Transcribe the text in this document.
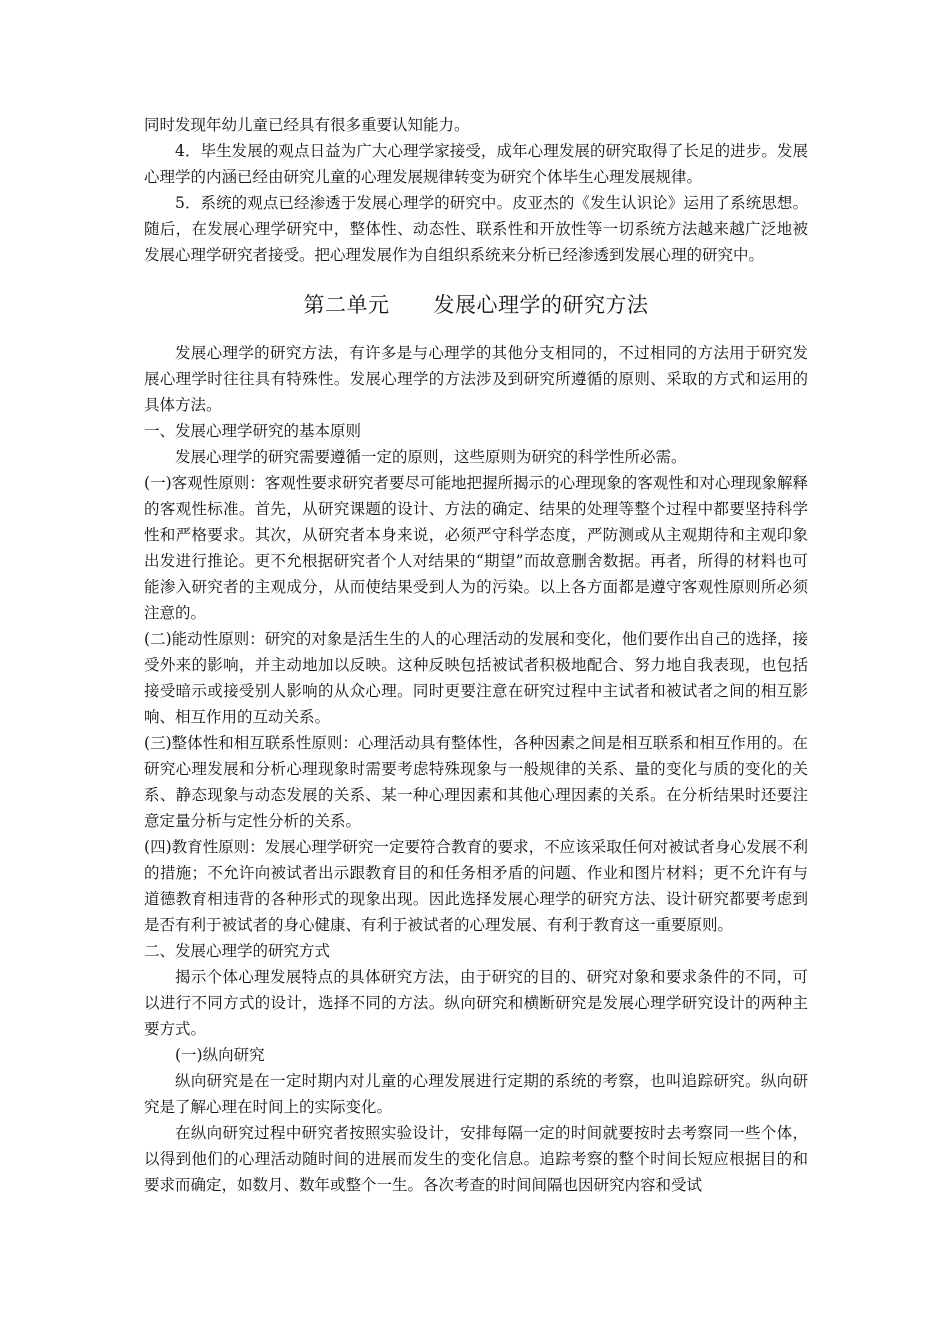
同时发现年幼儿童已经具有很多重要认知能力。

4．毕生发展的观点日益为广大心理学家接受，成年心理发展的研究取得了长足的进步。发展心理学的内涵已经由研究儿童的心理发展规律转变为研究个体毕生心理发展规律。

5．系统的观点已经渗透于发展心理学的研究中。皮亚杰的《发生认识论》运用了系统思想。随后，在发展心理学研究中，整体性、动态性、联系性和开放性等一切系统方法越来越广泛地被发展心理学研究者接受。把心理发展作为自组织系统来分析已经渗透到发展心理的研究中。

第二单元 发展心理学的研究方法

发展心理学的研究方法，有许多是与心理学的其他分支相同的，不过相同的方法用于研究发展心理学时往往具有特殊性。发展心理学的方法涉及到研究所遵循的原则、采取的方式和运用的具体方法。

一、发展心理学研究的基本原则

发展心理学的研究需要遵循一定的原则，这些原则为研究的科学性所必需。

(一)客观性原则：客观性要求研究者要尽可能地把握所揭示的心理现象的客观性和对心理现象解释的客观性标准。首先，从研究课题的设计、方法的确定、结果的处理等整个过程中都要坚持科学性和严格要求。其次，从研究者本身来说，必须严守科学态度，严防测或从主观期待和主观印象出发进行推论。更不允根据研究者个人对结果的“期望”而故意删舍数据。再者，所得的材料也可能渗入研究者的主观成分，从而使结果受到人为的污染。以上各方面都是遵守客观性原则所必须注意的。

(二)能动性原则：研究的对象是活生生的人的心理活动的发展和变化，他们要作出自己的选择，接受外来的影响，并主动地加以反映。这种反映包括被试者积极地配合、努力地自我表现，也包括接受暗示或接受别人影响的从众心理。同时更要注意在研究过程中主试者和被试者之间的相互影响、相互作用的互动关系。

(三)整体性和相互联系性原则：心理活动具有整体性，各种因素之间是相互联系和相互作用的。在研究心理发展和分析心理现象时需要考虑特殊现象与一般规律的关系、量的变化与质的变化的关系、静态现象与动态发展的关系、某一种心理因素和其他心理因素的关系。在分析结果时还要注意定量分析与定性分析的关系。

(四)教育性原则：发展心理学研究一定要符合教育的要求，不应该采取任何对被试者身心发展不利的措施；不允许向被试者出示跟教育目的和任务相矛盾的问题、作业和图片材料；更不允许有与道德教育相违背的各种形式的现象出现。因此选择发展心理学的研究方法、设计研究都要考虑到是否有利于被试者的身心健康、有利于被试者的心理发展、有利于教育这一重要原则。

二、发展心理学的研究方式

揭示个体心理发展特点的具体研究方法，由于研究的目的、研究对象和要求条件的不同，可以进行不同方式的设计，选择不同的方法。纵向研究和横断研究是发展心理学研究设计的两种主要方式。

(一)纵向研究

纵向研究是在一定时期内对儿童的心理发展进行定期的系统的考察，也叫追踪研究。纵向研究是了解心理在时间上的实际变化。

在纵向研究过程中研究者按照实验设计，安排每隔一定的时间就要按时去考察同一些个体，以得到他们的心理活动随时间的进展而发生的变化信息。追踪考察的整个时间长短应根据目的和要求而确定，如数月、数年或整个一生。各次考查的时间间隔也因研究内容和受试
